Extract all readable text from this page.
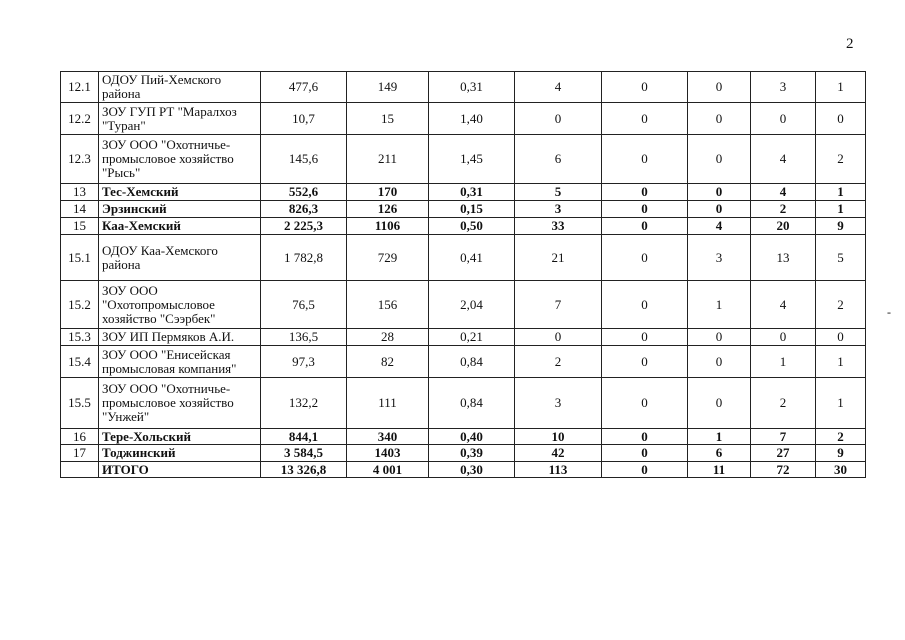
2
-
12.1	ОДОУ Пий-Хемского района	477,6	149	0,31	4	0	0	3	1
12.2	ЗОУ ГУП РТ "Маралхоз "Туран"	10,7	15	1,40	0	0	0	0	0
12.3	ЗОУ ООО "Охотничье-промысловое хозяйство "Рысь"	145,6	211	1,45	6	0	0	4	2
13	Тес-Хемский	552,6	170	0,31	5	0	0	4	1
14	Эрзинский	826,3	126	0,15	3	0	0	2	1
15	Каа-Хемский	2 225,3	1106	0,50	33	0	4	20	9
15.1	ОДОУ Каа-Хемского района	1 782,8	729	0,41	21	0	3	13	5
15.2	ЗОУ ООО "Охотопромысловое хозяйство "Сээрбек"	76,5	156	2,04	7	0	1	4	2
15.3	ЗОУ ИП Пермяков А.И.	136,5	28	0,21	0	0	0	0	0
15.4	ЗОУ ООО "Енисейская промысловая компания"	97,3	82	0,84	2	0	0	1	1
15.5	ЗОУ ООО "Охотничье-промысловое хозяйство "Унжей"	132,2	111	0,84	3	0	0	2	1
16	Тере-Хольский	844,1	340	0,40	10	0	1	7	2
17	Тоджинский	3 584,5	1403	0,39	42	0	6	27	9
	ИТОГО	13 326,8	4 001	0,30	113	0	11	72	30
